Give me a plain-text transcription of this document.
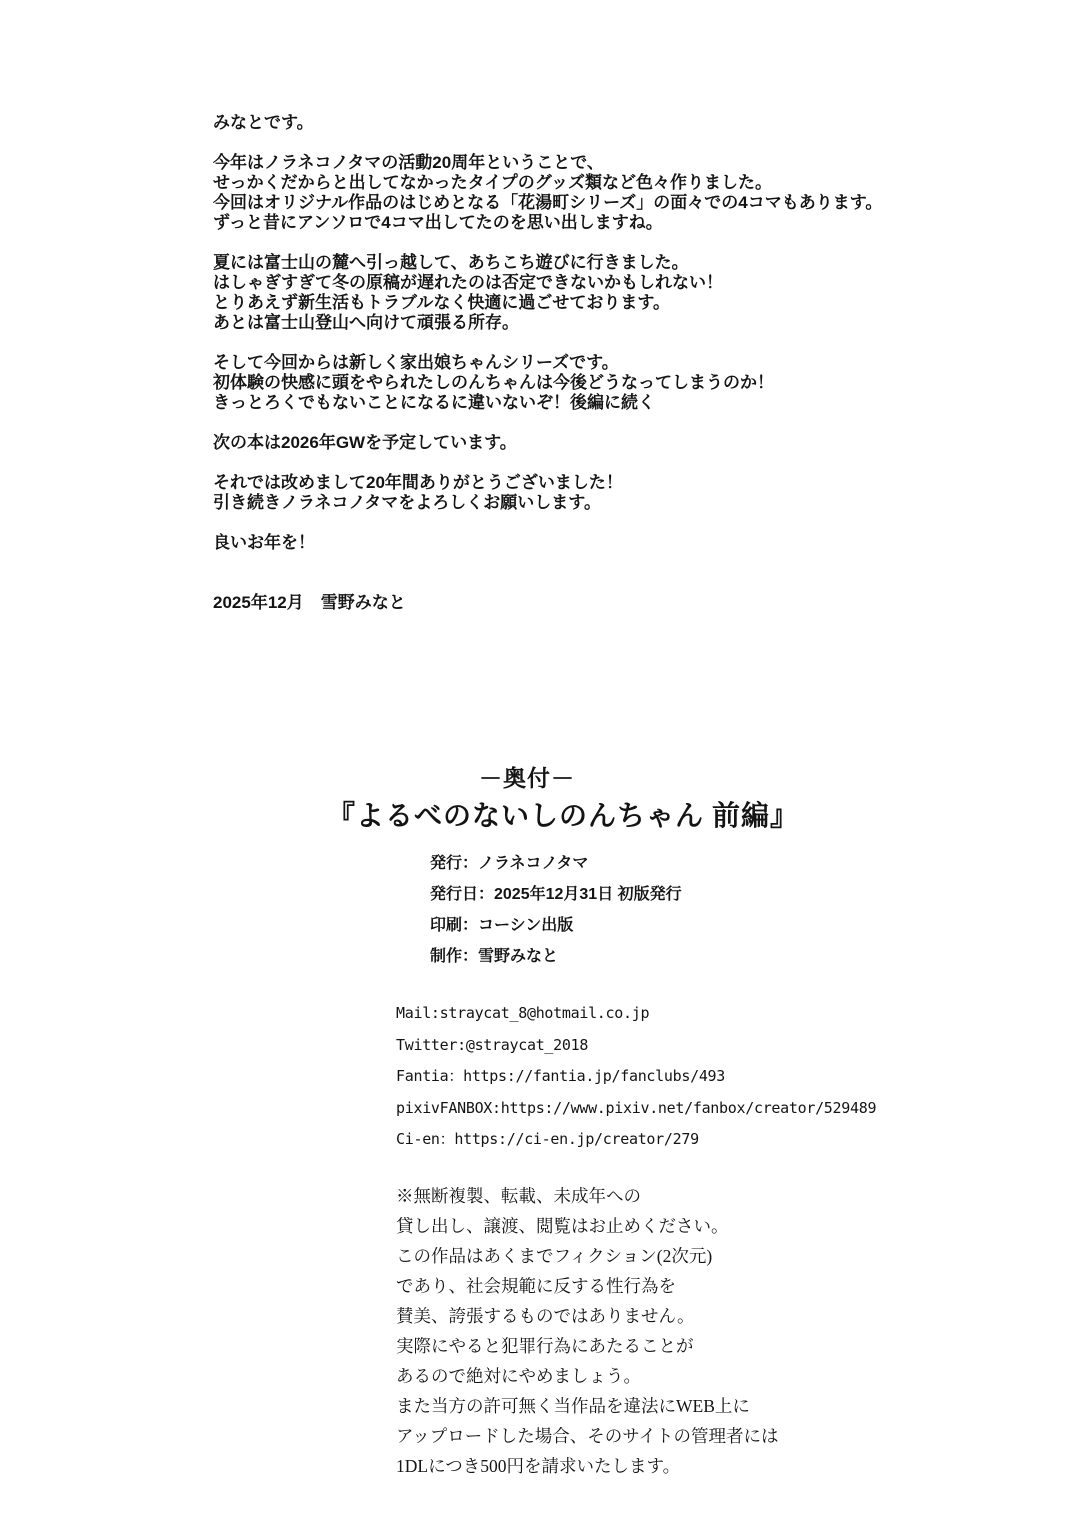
みなとです。

今年はノラネコノタマの活動20周年ということで、
せっかくだからと出してなかったタイプのグッズ類など色々作りました。
今回はオリジナル作品のはじめとなる「花湯町シリーズ」の面々での4コマもあります。
ずっと昔にアンソロで4コマ出してたのを思い出しますね。

夏には富士山の麓へ引っ越して、あちこち遊びに行きました。
はしゃぎすぎて冬の原稿が遅れたのは否定できないかもしれない！
とりあえず新生活もトラブルなく快適に過ごせております。
あとは富士山登山へ向けて頑張る所存。

そして今回からは新しく家出娘ちゃんシリーズです。
初体験の快感に頭をやられたしのんちゃんは今後どうなってしまうのか！
きっとろくでもないことになるに違いないぞ！後編に続く

次の本は2026年GWを予定しています。

それでは改めまして20年間ありがとうございました！
引き続きノラネコノタマをよろしくお願いします。

良いお年を！

2025年12月　雪野みなと
－奥付－
『よるべのないしのんちゃん 前編』
発行：ノラネコノタマ
発行日：2025年12月31日 初版発行
印刷：コーシン出版
制作：雪野みなと
Mail:straycat_8@hotmail.co.jp
Twitter:@straycat_2018
Fantia：https://fantia.jp/fanclubs/493
pixivFANBOX:https://www.pixiv.net/fanbox/creator/529489
Ci-en：https://ci-en.jp/creator/279
※無断複製、転載、未成年への
貸し出し、譲渡、閲覧はお止めください。
この作品はあくまでフィクション(2次元)
であり、社会規範に反する性行為を
賛美、誇張するものではありません。
実際にやると犯罪行為にあたることが
あるので絶対にやめましょう。
また当方の許可無く当作品を違法にWEB上に
アップロードした場合、そのサイトの管理者には
1DLにつき500円を請求いたします。
